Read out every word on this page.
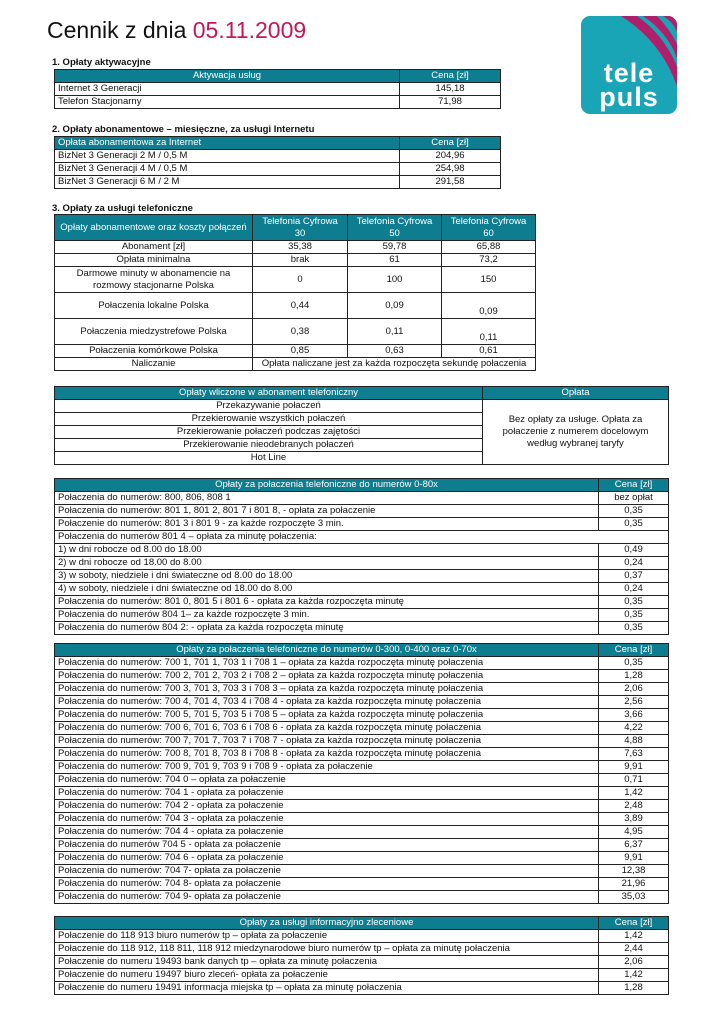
Cennik z dnia 05.11.2009
tele
puls
1. Opłaty aktywacyjne
Aktywacja usług	Cena [zł]
Internet 3 Generacji	145,18
Telefon Stacjonarny	71,98
2. Opłaty abonamentowe – miesięczne, za usługi Internetu
Opłata abonamentowa za Internet	Cena [zł]
BizNet 3 Generacji 2 M / 0,5 M	204,96
BizNet 3 Generacji 4 M / 0,5 M	254,98
BizNet 3 Generacji 6 M / 2 M	291,58
3. Opłaty za usługi telefoniczne
Opłaty abonamentowe oraz koszty połączeń	Telefonia Cyfrowa 30	Telefonia Cyfrowa 50	Telefonia Cyfrowa 60
Abonament [zł]	35,38	59,78	65,88
Opłata minimalna	brak	61	73,2
Darmowe minuty w abonamencie na rozmowy stacjonarne Polska	0	100	150
Połaczenia lokalne Polska	0,44	0,09	0,09
Połaczenia miedzystrefowe Polska	0,38	0,11	0,11
Połaczenia komórkowe Polska	0,85	0,63	0,61
Naliczanie	Opłata naliczane jest za każda rozpoczęta sekundę połaczenia		
Opłaty wliczone w abonament telefoniczny	Opłata
Przekazywanie połaczeń	Bez opłaty za usługe. Opłata za połaczenie z numerem docelowym według wybranej taryfy
Przekierowanie wszystkich połaczeń	
Przekierowanie połaczeń podczas zajętości	
Przekierowanie nieodebranych połaczeń	
Hot Line	
Opłaty za połaczenia telefoniczne do numerów 0-80x	Cena [zł]
Połaczenia do numerów: 800, 806, 808 1	bez opłat
Połaczenia do numerów: 801 1, 801 2, 801 7 i 801 8, - opłata za połaczenie	0,35
Połaczenie do numerów: 801 3 i 801 9 - za każde rozpoczęte 3 min.	0,35
Połaczenia do numerów 801 4 – opłata za minutę połaczenia:	
1) w dni robocze od 8.00 do 18.00	0,49
2) w dni robocze od 18.00 do 8.00	0,24
3) w soboty, niedziele i dni świateczne od 8.00 do 18.00	0,37
4) w soboty, niedziele i dni świateczne od 18.00 do 8.00	0,24
Połaczenia do numerów: 801 0, 801 5 i 801 6 - opłata za każda rozpoczęta minutę	0,35
Połaczenia do numerów 804 1– za każde rozpoczęte 3 min.	0,35
Połaczenia do numerów 804 2: - opłata za każda rozpoczęta minutę	0,35
Opłaty za połaczenia telefoniczne do numerów 0-300, 0-400 oraz 0-70x	Cena [zł]
Połaczenia do numerów: 700 1, 701 1, 703 1 i 708 1 – opłata za każda rozpoczęta minutę połaczenia	0,35
Połaczenia do numerów: 700 2, 701 2, 703 2 i 708 2 – opłata za każda rozpoczęta minutę połaczenia	1,28
Połaczenia do numerów: 700 3, 701 3, 703 3 i 708 3 – opłata za każda rozpoczęta minutę połaczenia	2,06
Połaczenia do numerów: 700 4, 701 4, 703 4 i 708 4 - opłata za każda rozpoczęta minutę połaczenia	2,56
Połaczenia do numerów: 700 5, 701 5, 703 5 i 708 5 – opłata za każda rozpoczęta minutę połaczenia	3,66
Połaczenia do numerów: 700 6, 701 6, 703 6 i 708 6 - opłata za każda rozpoczęta minutę połaczenia	4,22
Połaczenia do numerów: 700 7, 701 7, 703 7 i 708 7 - opłata za każda rozpoczęta minutę połaczenia	4,88
Połaczenia do numerów: 700 8, 701 8, 703 8 i 708 8 - opłata za każda rozpoczęta minutę połaczenia	7,63
Połaczenia do numerów: 700 9, 701 9, 703 9 i 708 9 - opłata za połaczenie	9,91
Połaczenia do numerów: 704 0 – opłata za połaczenie	0,71
Połaczenia do numerów: 704 1 - opłata za połaczenie	1,42
Połaczenia do numerów: 704 2 - opłata za połaczenie	2,48
Połaczenia do numerów: 704 3 - opłata za połaczenie	3,89
Połaczenia do numerów: 704 4 - opłata za połaczenie	4,95
Połaczenia do numerów 704 5 - opłata za połaczenie	6,37
Połaczenia do numerów: 704 6 - opłata za połaczenie	9,91
Połaczenia do numerów: 704 7- opłata za połaczenie	12,38
Połaczenia do numerów: 704 8- opłata za połaczenie	21,96
Połaczenia do numerów: 704 9- opłata za połaczenie	35,03
Opłaty za usługi informacyjno zleceniowe	Cena [zł]
Połaczenie do 118 913 biuro numerów tp – opłata za połaczenie	1,42
Połaczenie do 118 912, 118 811, 118 912 miedzynarodowe biuro numerów tp – opłata za minutę połaczenia	2,44
Połaczenie do numeru 19493 bank danych tp – opłata za minutę połaczenia	2,06
Połaczenie do numeru 19497 biuro zleceń- opłata za połaczenie	1,42
Połaczenie do numeru 19491 informacja miejska tp – opłata za minutę połaczenia	1,28
